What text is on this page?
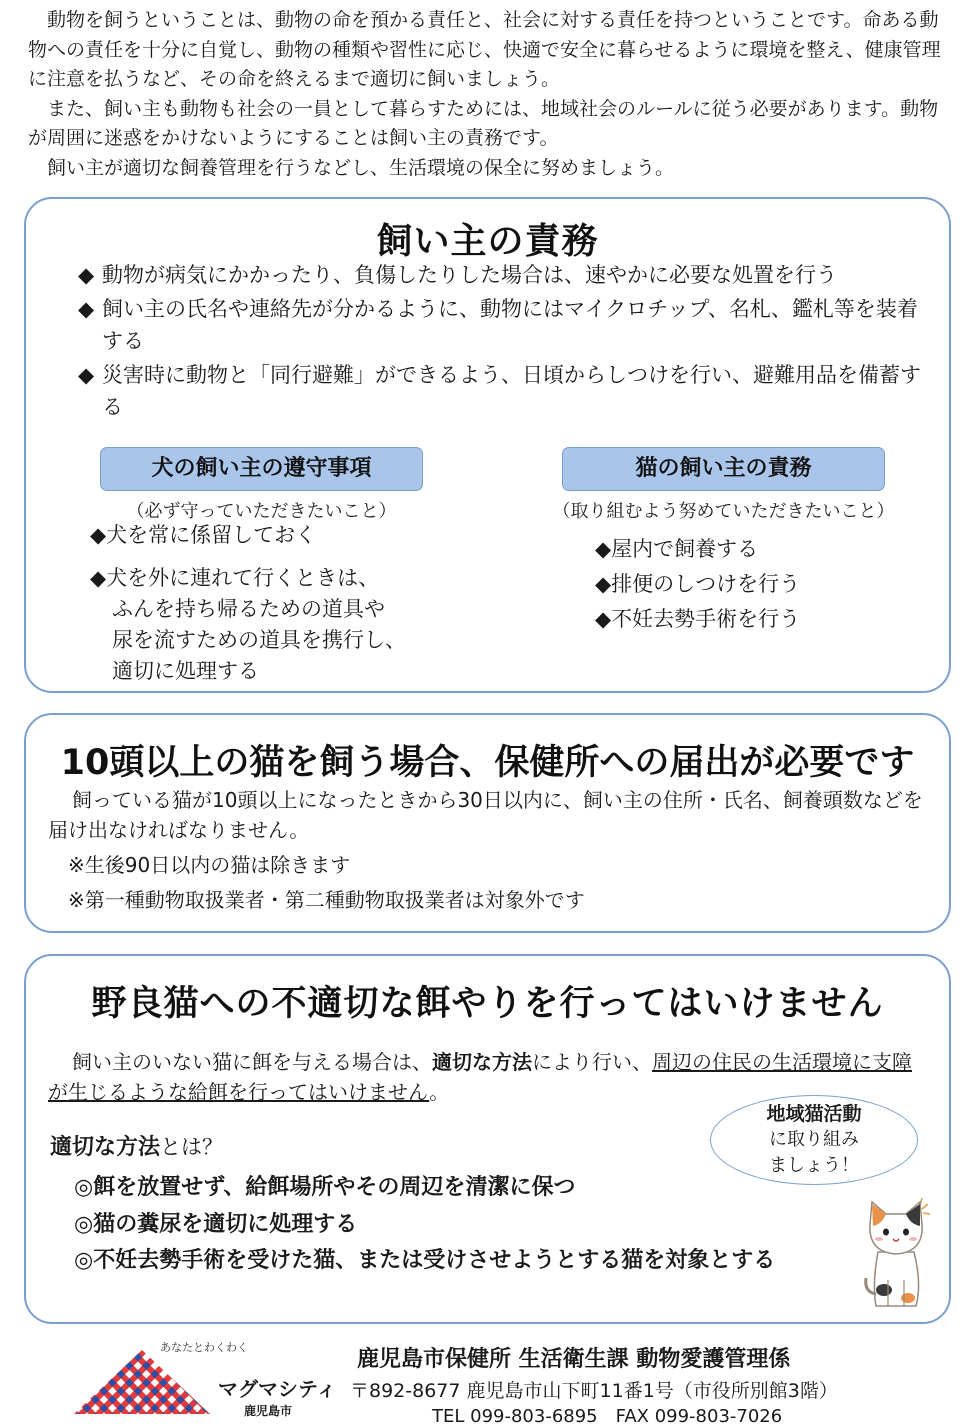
動物を飼うということは、動物の命を預かる責任と、社会に対する責任を持つということです。命ある動物への責任を十分に自覚し、動物の種類や習性に応じ、快適で安全に暮らせるように環境を整え、健康管理に注意を払うなど、その命を終えるまで適切に飼いましょう。

また、飼い主も動物も社会の一員として暮らすためには、地域社会のルールに従う必要があります。動物が周囲に迷惑をかけないようにすることは飼い主の責務です。

飼い主が適切な飼養管理を行うなどし、生活環境の保全に努めましょう。

飼い主の責務

◆ 動物が病気にかかったり、負傷したりした場合は、速やかに必要な処置を行う

◆ 飼い主の氏名や連絡先が分かるように、動物にはマイクロチップ、名札、鑑札等を装着する

◆ 災害時に動物と「同行避難」ができるよう、日頃からしつけを行い、避難用品を備蓄する

犬の飼い主の遵守事項
（必ず守っていただきたいこと）

◆犬を常に係留しておく

◆犬を外に連れて行くときは、
ふんを持ち帰るための道具や
尿を流すための道具を携行し、
適切に処理する

猫の飼い主の責務
（取り組むよう努めていただきたいこと）

◆屋内で飼養する

◆排便のしつけを行う

◆不妊去勢手術を行う

10頭以上の猫を飼う場合、保健所への届出が必要です

飼っている猫が10頭以上になったときから30日以内に、飼い主の住所・氏名、飼養頭数などを届け出なければなりません。

※生後90日以内の猫は除きます

※第一種動物取扱業者・第二種動物取扱業者は対象外です

野良猫への不適切な餌やりを行ってはいけません

飼い主のいない猫に餌を与える場合は、適切な方法により行い、周辺の住民の生活環境に支障が生じるような給餌を行ってはいけません。

地域猫活動
に取り組み
ましょう！
適切な方法とは？
◎餌を放置せず、給餌場所やその周辺を清潔に保つ
◎猫の糞尿を適切に処理する
◎不妊去勢手術を受けた猫、または受けさせようとする猫を対象とする
あなたとわくわく
マグマシティ
鹿児島市
鹿児島市保健所 生活衛生課 動物愛護管理係
〒892-8677 鹿児島市山下町11番1号（市役所別館3階）
TEL 099-803-6895　FAX 099-803-7026
